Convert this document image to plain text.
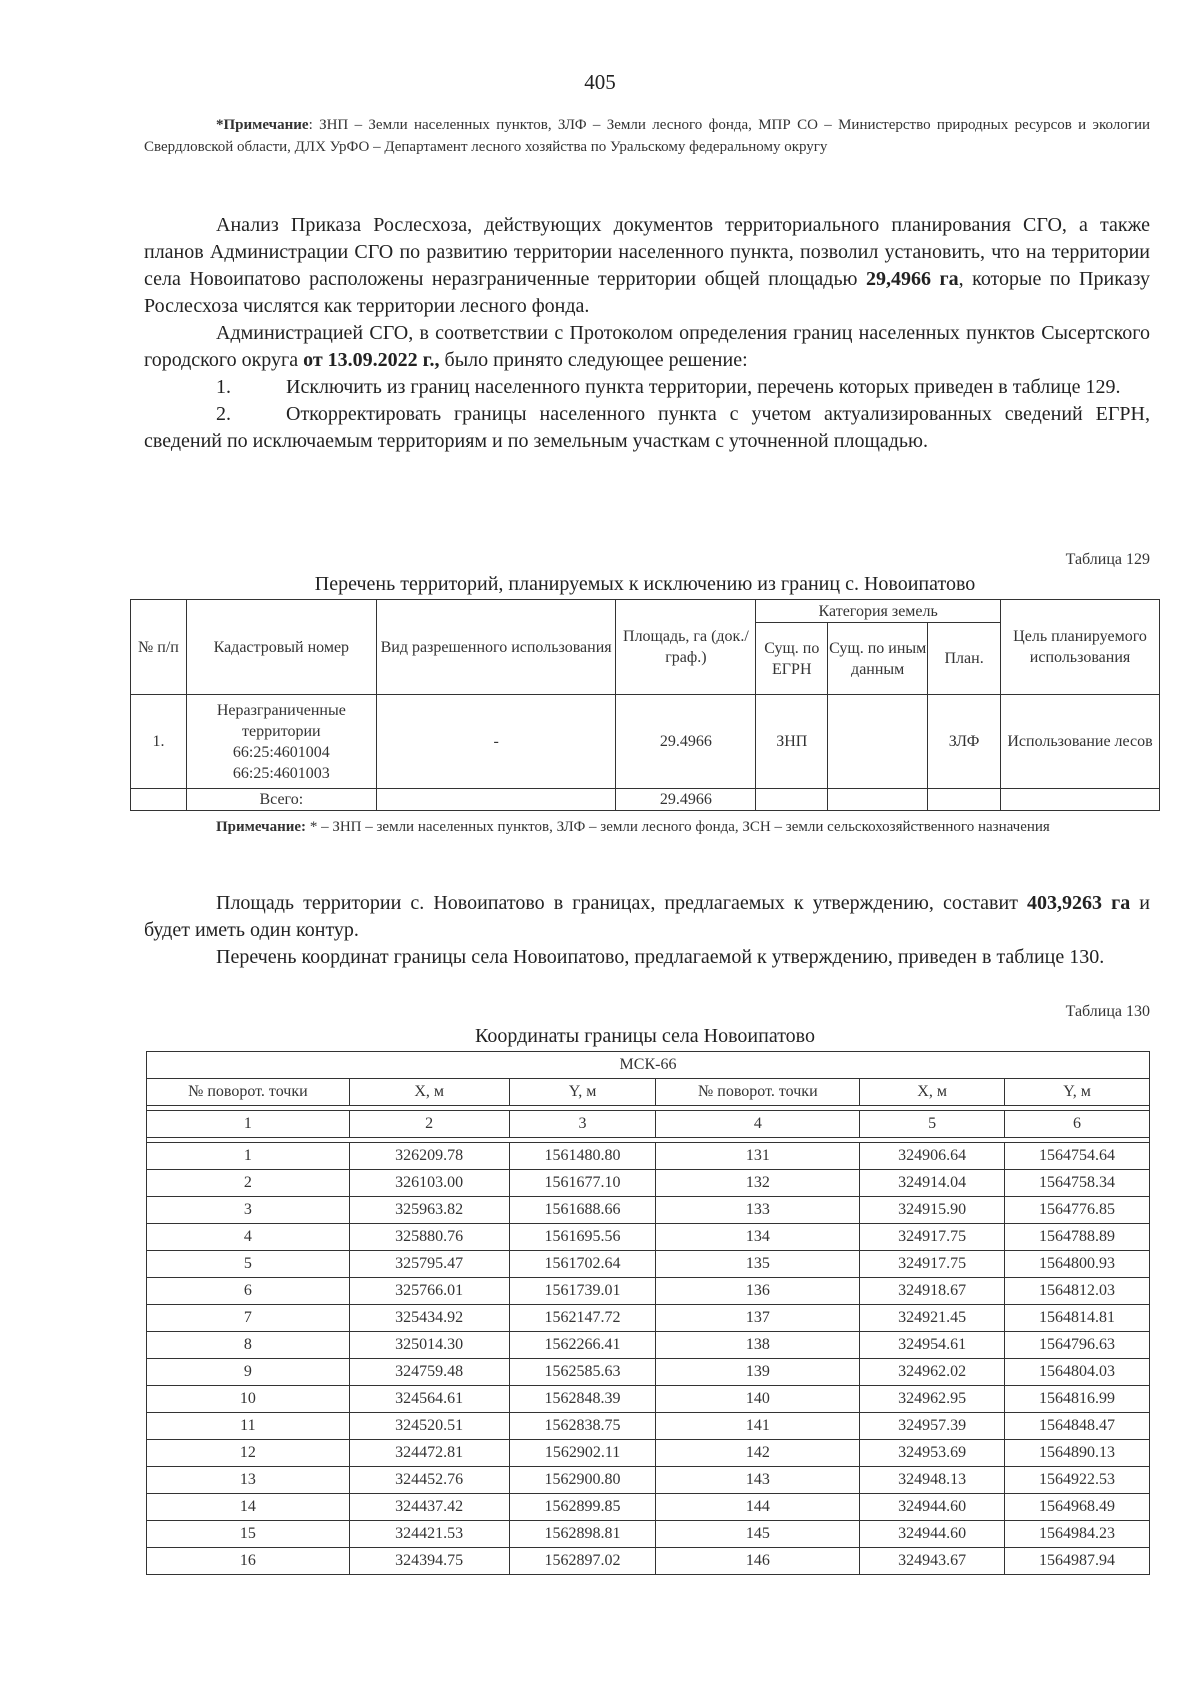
405
*Примечание: ЗНП – Земли населенных пунктов, ЗЛФ – Земли лесного фонда, МПР СО – Министерство природных ресурсов и экологии Свердловской области, ДЛХ УрФО – Департамент лесного хозяйства по Уральскому федеральному округу

Анализ Приказа Рослесхоза, действующих документов территориального планирования СГО, а также планов Администрации СГО по развитию территории населенного пункта, позволил установить, что на территории села Новоипатово расположены неразграниченные территории общей площадью 29,4966 га, которые по Приказу Рослесхоза числятся как территории лесного фонда.

Администрацией СГО, в соответствии с Протоколом определения границ населенных пунктов Сысертского городского округа от 13.09.2022 г., было принято следующее решение:

1.	Исключить из границ населенного пункта территории, перечень которых приведен в таблице 129.

2.	Откорректировать границы населенного пункта с учетом актуализированных сведений ЕГРН, сведений по исключаемым территориям и по земельным участкам с уточненной площадью.

Таблица 129
Перечень территорий, планируемых к исключению из границ с. Новоипатово
№ п/п	Кадастровый номер	Вид разрешенного использования	Площадь, га (док./граф.)	Категория земель			Цель планируемого использования
				Сущ. по ЕГРН	Сущ. по иным данным	План.	
1.	Неразграниченные территории
66:25:4601004
66:25:4601003	-	29.4966	ЗНП		ЗЛФ	Использование лесов
	Всего:		29.4966				
Примечание: * – ЗНП – земли населенных пунктов, ЗЛФ – земли лесного фонда, ЗСН – земли сельскохозяйственного назначения

Площадь территории с. Новоипатово в границах, предлагаемых к утверждению, составит 403,9263 га и будет иметь один контур.

Перечень координат границы села Новоипатово, предлагаемой к утверждению, приведен в таблице 130.

Таблица 130
Координаты границы села Новоипатово
МСК-66					
№ поворот. точки	X, м	Y, м	№ поворот. точки	X, м	Y, м

1	2	3	4	5	6

1	326209.78	1561480.80	131	324906.64	1564754.64
2	326103.00	1561677.10	132	324914.04	1564758.34
3	325963.82	1561688.66	133	324915.90	1564776.85
4	325880.76	1561695.56	134	324917.75	1564788.89
5	325795.47	1561702.64	135	324917.75	1564800.93
6	325766.01	1561739.01	136	324918.67	1564812.03
7	325434.92	1562147.72	137	324921.45	1564814.81
8	325014.30	1562266.41	138	324954.61	1564796.63
9	324759.48	1562585.63	139	324962.02	1564804.03
10	324564.61	1562848.39	140	324962.95	1564816.99
11	324520.51	1562838.75	141	324957.39	1564848.47
12	324472.81	1562902.11	142	324953.69	1564890.13
13	324452.76	1562900.80	143	324948.13	1564922.53
14	324437.42	1562899.85	144	324944.60	1564968.49
15	324421.53	1562898.81	145	324944.60	1564984.23
16	324394.75	1562897.02	146	324943.67	1564987.94
